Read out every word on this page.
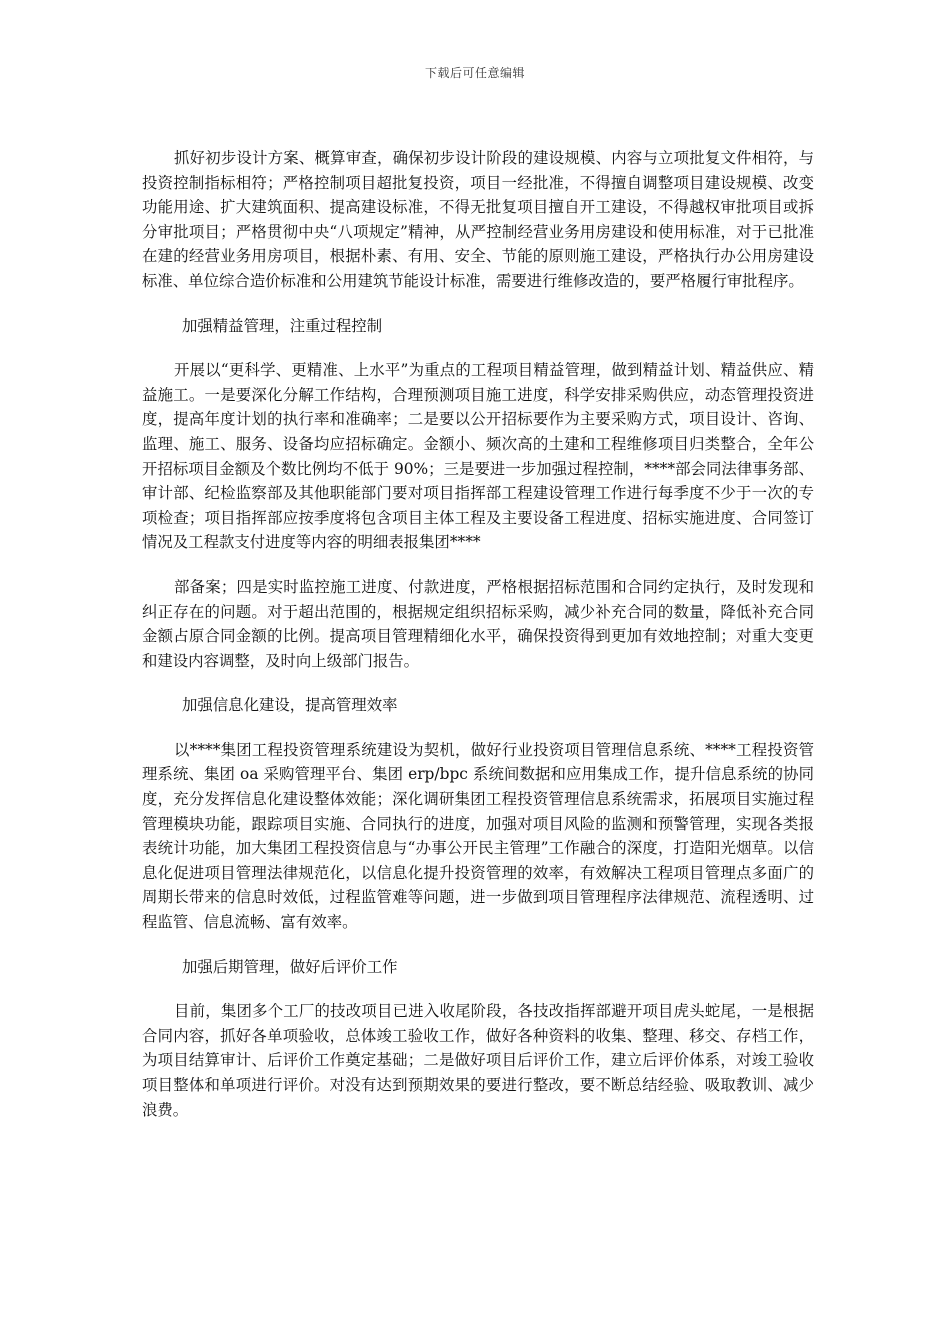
下载后可任意编辑

抓好初步设计方案、概算审查，确保初步设计阶段的建设规模、内容与立项批复文件相符，与投资控制指标相符；严格控制项目超批复投资，项目一经批准，不得擅自调整项目建设规模、改变功能用途、扩大建筑面积、提高建设标准，不得无批复项目擅自开工建设，不得越权审批项目或拆分审批项目；严格贯彻中央“八项规定”精神，从严控制经营业务用房建设和使用标准，对于已批准在建的经营业务用房项目，根据朴素、有用、安全、节能的原则施工建设，严格执行办公用房建设标准、单位综合造价标准和公用建筑节能设计标准，需要进行维修改造的，要严格履行审批程序。

加强精益管理，注重过程控制

开展以“更科学、更精准、上水平”为重点的工程项目精益管理，做到精益计划、精益供应、精益施工。一是要深化分解工作结构，合理预测项目施工进度，科学安排采购供应，动态管理投资进度，提高年度计划的执行率和准确率；二是要以公开招标要作为主要采购方式，项目设计、咨询、监理、施工、服务、设备均应招标确定。金额小、频次高的土建和工程维修项目归类整合，全年公开招标项目金额及个数比例均不低于 90%；三是要进一步加强过程控制，****部会同法律事务部、审计部、纪检监察部及其他职能部门要对项目指挥部工程建设管理工作进行每季度不少于一次的专项检查；项目指挥部应按季度将包含项目主体工程及主要设备工程进度、招标实施进度、合同签订情况及工程款支付进度等内容的明细表报集团****

部备案；四是实时监控施工进度、付款进度，严格根据招标范围和合同约定执行，及时发现和纠正存在的问题。对于超出范围的，根据规定组织招标采购，减少补充合同的数量，降低补充合同金额占原合同金额的比例。提高项目管理精细化水平，确保投资得到更加有效地控制；对重大变更和建设内容调整，及时向上级部门报告。

加强信息化建设，提高管理效率

以****集团工程投资管理系统建设为契机，做好行业投资项目管理信息系统、****工程投资管理系统、集团 oa 采购管理平台、集团 erp/bpc 系统间数据和应用集成工作，提升信息系统的协同度，充分发挥信息化建设整体效能；深化调研集团工程投资管理信息系统需求，拓展项目实施过程管理模块功能，跟踪项目实施、合同执行的进度，加强对项目风险的监测和预警管理，实现各类报表统计功能，加大集团工程投资信息与“办事公开民主管理”工作融合的深度，打造阳光烟草。以信息化促进项目管理法律规范化，以信息化提升投资管理的效率，有效解决工程项目管理点多面广的周期长带来的信息时效低，过程监管难等问题，进一步做到项目管理程序法律规范、流程透明、过程监管、信息流畅、富有效率。

加强后期管理，做好后评价工作

目前，集团多个工厂的技改项目已进入收尾阶段，各技改指挥部避开项目虎头蛇尾，一是根据合同内容，抓好各单项验收，总体竣工验收工作，做好各种资料的收集、整理、移交、存档工作，为项目结算审计、后评价工作奠定基础；二是做好项目后评价工作，建立后评价体系，对竣工验收项目整体和单项进行评价。对没有达到预期效果的要进行整改，要不断总结经验、吸取教训、减少浪费。
